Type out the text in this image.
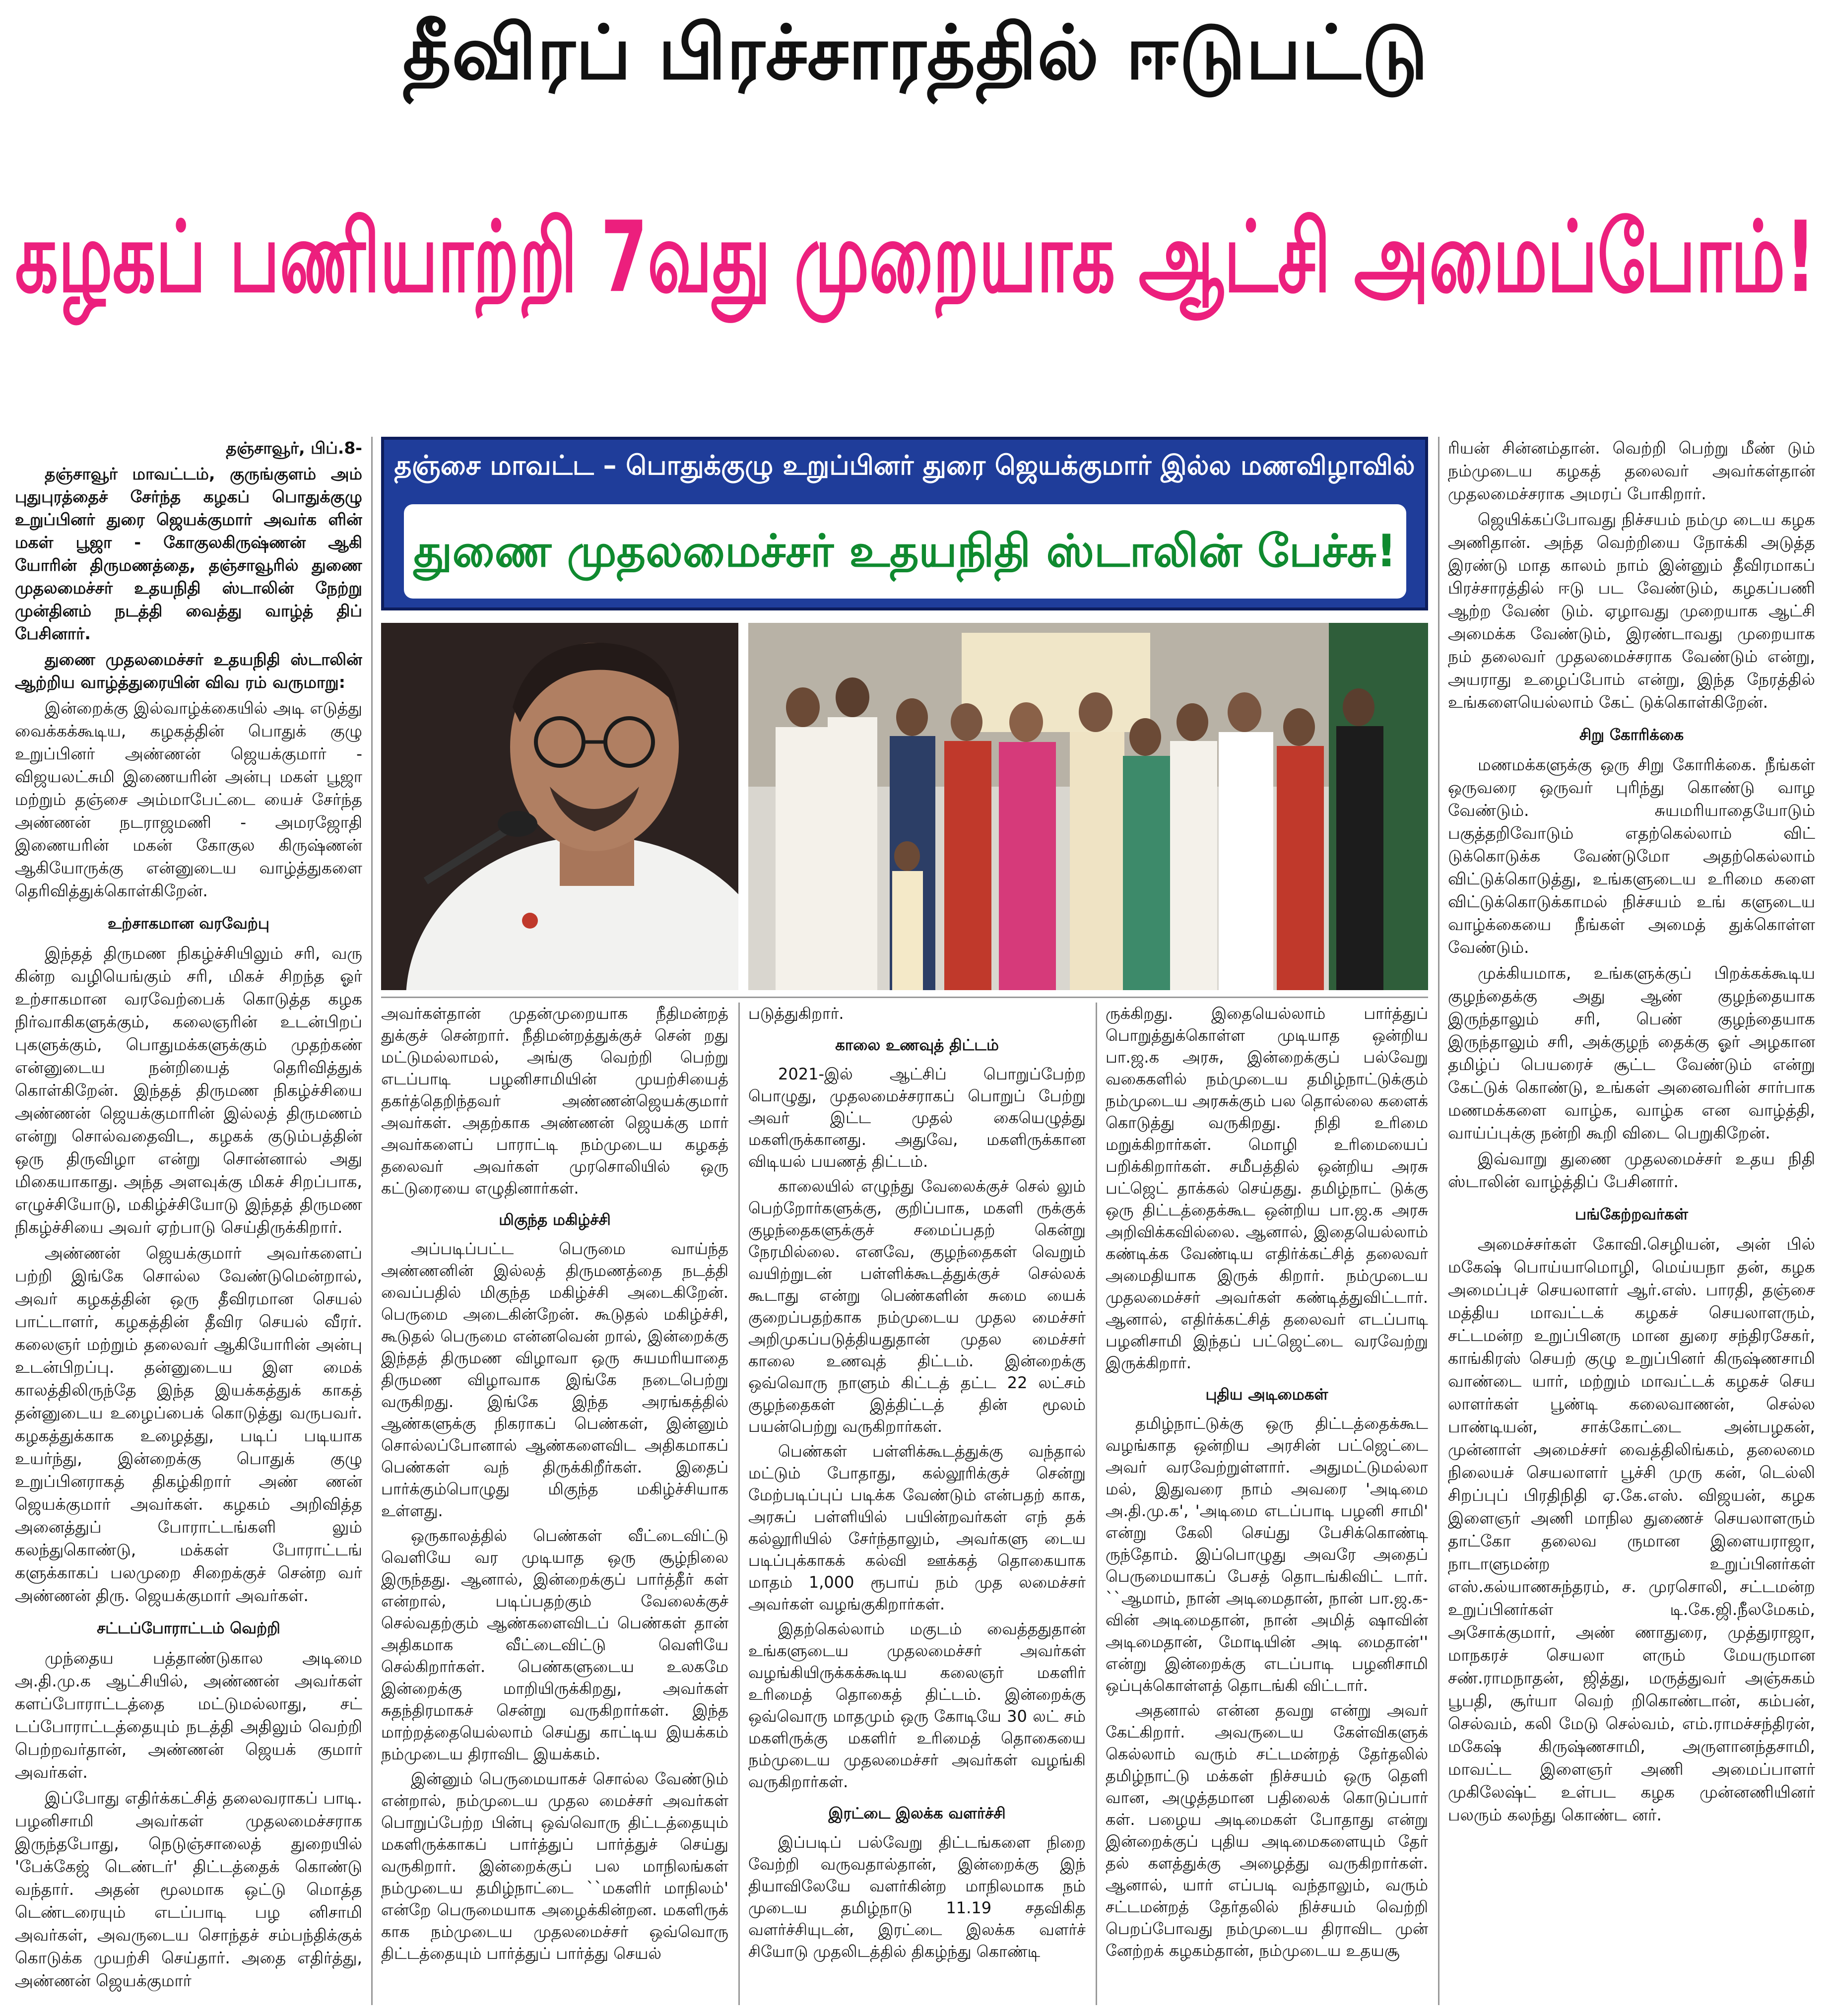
தீவிரப் பிரச்சாரத்தில் ஈடுபட்டு
கழகப் பணியாற்றி 7வது முறையாக ஆட்சி அமைப்போம்!

தஞ்சாவூர், பிப்.8-

தஞ்சாவூர் மாவட்டம், குருங்குளம் அம் புதுபுரத்தைச் சேர்ந்த கழகப் பொதுக்குழு உறுப்பினர் துரை ஜெயக்குமார் அவர்க ளின் மகள் பூஜா - கோகுலகிருஷ்ணன் ஆகி யோரின் திருமணத்தை, தஞ்சாவூரில் துணை முதலமைச்சர் உதயநிதி ஸ்டாலின் நேற்று முன்தினம் நடத்தி வைத்து வாழ்த் திப் பேசினார்.

துணை முதலமைச்சர் உதயநிதி ஸ்டாலின் ஆற்றிய வாழ்த்துரையின் விவ ரம் வருமாறு:

இன்றைக்கு இல்வாழ்க்கையில் அடி எடுத்து வைக்கக்கூடிய, கழகத்தின் பொதுக் குழு உறுப்பினர் அண்ணன் ஜெயக்குமார் - விஜயலட்சுமி இணையரின் அன்பு மகள் பூஜா மற்றும் தஞ்சை அம்மாபேட்டை யைச் சேர்ந்த அண்ணன் நடராஜமணி - அமரஜோதி இணையரின் மகன் கோகுல கிருஷ்ணன் ஆகியோருக்கு என்னுடைய வாழ்த்துகளை தெரிவித்துக்கொள்கிறேன்.

உற்சாகமான வரவேற்பு

இந்தத் திருமண நிகழ்ச்சியிலும் சரி, வரு கின்ற வழியெங்கும் சரி, மிகச் சிறந்த ஓர் உற்சாகமான வரவேற்பைக் கொடுத்த கழக நிர்வாகிகளுக்கும், கலைஞரின் உடன்பிறப் புகளுக்கும், பொதுமக்களுக்கும் முதற்கண் என்னுடைய நன்றியைத் தெரிவித்துக் கொள்கிறேன். இந்தத் திருமண நிகழ்ச்சியை அண்ணன் ஜெயக்குமாரின் இல்லத் திருமணம் என்று சொல்வதைவிட, கழகக் குடும்பத்தின் ஒரு திருவிழா என்று சொன்னால் அது மிகையாகாது. அந்த அளவுக்கு மிகச் சிறப்பாக, எழுச்சியோடு, மகிழ்ச்சியோடு இந்தத் திருமண நிகழ்ச்சியை அவர் ஏற்பாடு செய்திருக்கிறார்.

அண்ணன் ஜெயக்குமார் அவர்களைப் பற்றி இங்கே சொல்ல வேண்டுமென்றால், அவர் கழகத்தின் ஒரு தீவிரமான செயல் பாட்டாளர், கழகத்தின் தீவிர செயல் வீரர். கலைஞர் மற்றும் தலைவர் ஆகியோரின் அன்பு உடன்பிறப்பு. தன்னுடைய இள மைக் காலத்திலிருந்தே இந்த இயக்கத்துக் காகத் தன்னுடைய உழைப்பைக் கொடுத்து வருபவர். கழகத்துக்காக உழைத்து, படிப் படியாக உயர்ந்து, இன்றைக்கு பொதுக் குழு உறுப்பினராகத் திகழ்கிறார் அண் ணன் ஜெயக்குமார் அவர்கள். கழகம் அறிவித்த அனைத்துப் போராட்டங்களி லும் கலந்துகொண்டு, மக்கள் போராட்டங் களுக்காகப் பலமுறை சிறைக்குச் சென்ற வர் அண்ணன் திரு. ஜெயக்குமார் அவர்கள்.

சட்டப்போராட்டம் வெற்றி

முந்தைய பத்தாண்டுகால அடிமை அ.தி.மு.க ஆட்சியில், அண்ணன் அவர்கள் களப்போராட்டத்தை மட்டுமல்லாது, சட் டப்போராட்டத்தையும் நடத்தி அதிலும் வெற்றி பெற்றவர்தான், அண்ணன் ஜெயக் குமார் அவர்கள்.

இப்போது எதிர்க்கட்சித் தலைவராகப் பாடி. பழனிசாமி அவர்கள் முதலமைச்சராக இருந்தபோது, நெடுஞ்சாலைத் துறையில் 'பேக்கேஜ் டெண்டர்' திட்டத்தைக் கொண்டு வந்தார். அதன் மூலமாக ஒட்டு மொத்த டெண்டரையும் எடப்பாடி பழ னிசாமி அவர்கள், அவருடைய சொந்தச் சம்பந்திக்குக் கொடுக்க முயற்சி செய்தார். அதை எதிர்த்து, அண்ணன் ஜெயக்குமார்

தஞ்சை மாவட்ட – பொதுக்குழு உறுப்பினர் துரை ஜெயக்குமார் இல்ல மணவிழாவில்
துணை முதலமைச்சர் உதயநிதி ஸ்டாலின் பேச்சு!

அவர்கள்தான் முதன்முறையாக நீதிமன்றத் துக்குச் சென்றார். நீதிமன்றத்துக்குச் சென் றது மட்டுமல்லாமல், அங்கு வெற்றி பெற்று எடப்பாடி பழனிசாமியின் முயற்சியைத் தகர்த்தெறிந்தவர் அண்ணன்ஜெயக்குமார் அவர்கள். அதற்காக அண்ணன் ஜெயக்கு மார் அவர்களைப் பாராட்டி நம்முடைய கழகத் தலைவர் அவர்கள் முரசொலியில் ஒரு கட்டுரையை எழுதினார்கள்.

மிகுந்த மகிழ்ச்சி

அப்படிப்பட்ட பெருமை வாய்ந்த அண்ணனின் இல்லத் திருமணத்தை நடத்தி வைப்பதில் மிகுந்த மகிழ்ச்சி அடைகிறேன். பெருமை அடைகின்றேன். கூடுதல் மகிழ்ச்சி, கூடுதல் பெருமை என்னவென் றால், இன்றைக்கு இந்தத் திருமண விழாவா ஒரு சுயமரியாதை திருமண விழாவாக இங்கே நடைபெற்று வருகிறது. இங்கே இந்த அரங்கத்தில் ஆண்களுக்கு நிகராகப் பெண்கள், இன்னும் சொல்லப்போனால் ஆண்களைவிட அதிகமாகப் பெண்கள் வந் திருக்கிறீர்கள். இதைப் பார்க்கும்பொழுது மிகுந்த மகிழ்ச்சியாக உள்ளது.

ஒருகாலத்தில் பெண்கள் வீட்டைவிட்டு வெளியே வர முடியாத ஒரு சூழ்நிலை இருந்தது. ஆனால், இன்றைக்குப் பார்த்தீர் கள் என்றால், படிப்பதற்கும் வேலைக்குச் செல்வதற்கும் ஆண்களைவிடப் பெண்கள் தான் அதிகமாக வீட்டைவிட்டு வெளியே செல்கிறார்கள். பெண்களுடைய உலகமே இன்றைக்கு மாறியிருக்கிறது, அவர்கள் சுதந்திரமாகச் சென்று வருகிறார்கள். இந்த மாற்றத்தையெல்லாம் செய்து காட்டிய இயக்கம் நம்முடைய திராவிட இயக்கம்.

இன்னும் பெருமையாகச் சொல்ல வேண்டும் என்றால், நம்முடைய முதல மைச்சர் அவர்கள் பொறுப்பேற்ற பின்பு ஒவ்வொரு திட்டத்தையும் மகளிருக்காகப் பார்த்துப் பார்த்துச் செய்து வருகிறார். இன்றைக்குப் பல மாநிலங்கள் நம்முடைய தமிழ்நாட்டை ``மகளிர் மாநிலம்' என்றே பெருமையாக அழைக்கின்றன. மகளிருக் காக நம்முடைய முதலமைச்சர் ஒவ்வொரு திட்டத்தையும் பார்த்துப் பார்த்து செயல்

படுத்துகிறார்.

காலை உணவுத் திட்டம்

2021-இல் ஆட்சிப் பொறுப்பேற்ற பொழுது, முதலமைச்சராகப் பொறுப் பேற்று அவர் இட்ட முதல் கையெழுத்து மகளிருக்கானது. அதுவே, மகளிருக்கான விடியல் பயணத் திட்டம்.

காலையில் எழுந்து வேலைக்குச் செல் லும் பெற்றோர்களுக்கு, குறிப்பாக, மகளி ருக்குக் குழந்தைகளுக்குச் சமைப்பதற் கென்று நேரமில்லை. எனவே, குழந்தைகள் வெறும் வயிற்றுடன் பள்ளிக்கூடத்துக்குச் செல்லக் கூடாது என்று பெண்களின் சுமை யைக் குறைப்பதற்காக நம்முடைய முதல மைச்சர் அறிமுகப்படுத்தியதுதான் முதல மைச்சர் காலை உணவுத் திட்டம். இன்றைக்கு ஒவ்வொரு நாளும் கிட்டத் தட்ட 22 லட்சம் குழந்தைகள் இத்திட்டத் தின் மூலம் பயன்பெற்று வருகிறார்கள்.

பெண்கள் பள்ளிக்கூடத்துக்கு வந்தால் மட்டும் போதாது, கல்லூரிக்குச் சென்று மேற்படிப்புப் படிக்க வேண்டும் என்பதற் காக, அரசுப் பள்ளியில் பயின்றவர்கள் எந் தக் கல்லூரியில் சேர்ந்தாலும், அவர்களு டைய படிப்புக்காகக் கல்வி ஊக்கத் தொகையாக மாதம் 1,000 ரூபாய் நம் முத லமைச்சர் அவர்கள் வழங்குகிறார்கள்.

இதற்கெல்லாம் மகுடம் வைத்ததுதான் உங்களுடைய முதலமைச்சர் அவர்கள் வழங்கியிருக்கக்கூடிய கலைஞர் மகளிர் உரிமைத் தொகைத் திட்டம். இன்றைக்கு ஒவ்வொரு மாதமும் ஒரு கோடியே 30 லட் சம் மகளிருக்கு மகளிர் உரிமைத் தொகையை நம்முடைய முதலமைச்சர் அவர்கள் வழங்கி வருகிறார்கள்.

இரட்டை இலக்க வளர்ச்சி

இப்படிப் பல்வேறு திட்டங்களை நிறை வேற்றி வருவதால்தான், இன்றைக்கு இந் தியாவிலேயே வளர்கின்ற மாநிலமாக நம் முடைய தமிழ்நாடு 11.19 சதவிகித வளர்ச்சியுடன், இரட்டை இலக்க வளர்ச் சியோடு முதலிடத்தில் திகழ்ந்து கொண்டி

ருக்கிறது. இதையெல்லாம் பார்த்துப் பொறுத்துக்கொள்ள முடியாத ஒன்றிய பா.ஜ.க அரசு, இன்றைக்குப் பல்வேறு வகைகளில் நம்முடைய தமிழ்நாட்டுக்கும் நம்முடைய அரசுக்கும் பல தொல்லை களைக் கொடுத்து வருகிறது. நிதி உரிமை மறுக்கிறார்கள். மொழி உரிமையைப் பறிக்கிறார்கள். சமீபத்தில் ஒன்றிய அரசு பட்ஜெட் தாக்கல் செய்தது. தமிழ்நாட் டுக்கு ஒரு திட்டத்தைக்கூட ஒன்றிய பா.ஜ.க அரசு அறிவிக்கவில்லை. ஆனால், இதையெல்லாம் கண்டிக்க வேண்டிய எதிர்க்கட்சித் தலைவர் அமைதியாக இருக் கிறார். நம்முடைய முதலமைச்சர் அவர்கள் கண்டித்துவிட்டார். ஆனால், எதிர்க்கட்சித் தலைவர் எடப்பாடி பழனிசாமி இந்தப் பட்ஜெட்டை வரவேற்று இருக்கிறார்.

புதிய அடிமைகள்

தமிழ்நாட்டுக்கு ஒரு திட்டத்தைக்கூட வழங்காத ஒன்றிய அரசின் பட்ஜெட்டை அவர் வரவேற்றுள்ளார். அதுமட்டுமல்லா மல், இதுவரை நாம் அவரை 'அடிமை அ.தி.மு.க', 'அடிமை எடப்பாடி பழனி சாமி' என்று கேலி செய்து பேசிக்கொண்டி ருந்தோம். இப்பொழுது அவரே அதைப் பெருமையாகப் பேசத் தொடங்கிவிட் டார். ``ஆமாம், நான் அடிமைதான், நான் பா.ஜ.க-வின் அடிமைதான், நான் அமித் ஷாவின் அடிமைதான், மோடியின் அடி மைதான்'' என்று இன்றைக்கு எடப்பாடி பழனிசாமி ஒப்புக்கொள்ளத் தொடங்கி விட்டார்.

அதனால் என்ன தவறு என்று அவர் கேட்கிறார். அவருடைய கேள்விகளுக் கெல்லாம் வரும் சட்டமன்றத் தேர்தலில் தமிழ்நாட்டு மக்கள் நிச்சயம் ஒரு தெளி வான, அழுத்தமான பதிலைக் கொடுப்பார் கள். பழைய அடிமைகள் போதாது என்று இன்றைக்குப் புதிய அடிமைகளையும் தேர் தல் களத்துக்கு அழைத்து வருகிறார்கள். ஆனால், யார் எப்படி வந்தாலும், வரும் சட்டமன்றத் தேர்தலில் நிச்சயம் வெற்றி பெறப்போவது நம்முடைய திராவிட முன் னேற்றக் கழகம்தான், நம்முடைய உதயசூ

ரியன் சின்னம்தான். வெற்றி பெற்று மீண் டும் நம்முடைய கழகத் தலைவர் அவர்கள்தான் முதலமைச்சராக அமரப் போகிறார்.

ஜெயிக்கப்போவது நிச்சயம் நம்மு டைய கழக அணிதான். அந்த வெற்றியை நோக்கி அடுத்த இரண்டு மாத காலம் நாம் இன்னும் தீவிரமாகப் பிரச்சாரத்தில் ஈடு பட வேண்டும், கழகப்பணி ஆற்ற வேண் டும். ஏழாவது முறையாக ஆட்சி அமைக்க வேண்டும், இரண்டாவது முறையாக நம் தலைவர் முதலமைச்சராக வேண்டும் என்று, அயராது உழைப்போம் என்று, இந்த நேரத்தில் உங்களையெல்லாம் கேட் டுக்கொள்கிறேன்.

சிறு கோரிக்கை

மணமக்களுக்கு ஒரு சிறு கோரிக்கை. நீங்கள் ஒருவரை ஒருவர் புரிந்து கொண்டு வாழ வேண்டும். சுயமரியாதையோடும் பகுத்தறிவோடும் எதற்கெல்லாம் விட் டுக்கொடுக்க வேண்டுமோ அதற்கெல்லாம் விட்டுக்கொடுத்து, உங்களுடைய உரிமை களை விட்டுக்கொடுக்காமல் நிச்சயம் உங் களுடைய வாழ்க்கையை நீங்கள் அமைத் துக்கொள்ள வேண்டும்.

முக்கியமாக, உங்களுக்குப் பிறக்கக்கூடிய குழந்தைக்கு அது ஆண் குழந்தையாக இருந்தாலும் சரி, பெண் குழந்தையாக இருந்தாலும் சரி, அக்குழந் தைக்கு ஓர் அழகான தமிழ்ப் பெயரைச் சூட்ட வேண்டும் என்று கேட்டுக் கொண்டு, உங்கள் அனைவரின் சார்பாக மணமக்களை வாழ்க, வாழ்க என வாழ்த்தி, வாய்ப்புக்கு நன்றி கூறி விடை பெறுகிறேன்.

இவ்வாறு துணை முதலமைச்சர் உதய நிதி ஸ்டாலின் வாழ்த்திப் பேசினார்.

பங்கேற்றவர்கள்

அமைச்சர்கள் கோவி.செழியன், அன் பில் மகேஷ் பொய்யாமொழி, மெய்யநா தன், கழக அமைப்புச் செயலாளர் ஆர்.எஸ். பாரதி, தஞ்சை மத்திய மாவட்டக் கழகச் செயலாளரும், சட்டமன்ற உறுப்பினரு மான துரை சந்திரசேகர், காங்கிரஸ் செயற் குழு உறுப்பினர் கிருஷ்ணசாமி வாண்டை யார், மற்றும் மாவட்டக் கழகச் செய லாளர்கள் பூண்டி கலைவாணன், செல்ல பாண்டியன், சாக்கோட்டை அன்பழகன், முன்னாள் அமைச்சர் வைத்திலிங்கம், தலைமை நிலையச் செயலாளர் பூச்சி முரு கன், டெல்லி சிறப்புப் பிரதிநிதி ஏ.கே.எஸ். விஜயன், கழக இளைஞர் அணி மாநில துணைச் செயலாளரும் தாட்கோ தலைவ ருமான இளையராஜா, நாடாளுமன்ற உறுப்பினர்கள் எஸ்.கல்யாணசுந்தரம், ச. முரசொலி, சட்டமன்ற உறுப்பினர்கள் டி.கே.ஜி.நீலமேகம், அசோக்குமார், அண் ணாதுரை, முத்துராஜா, மாநகரச் செயலா ளரும் மேயருமான சண்.ராமநாதன், ஜித்து, மருத்துவர் அஞ்சுகம் பூபதி, சூர்யா வெற் றிகொண்டான், கம்பன், செல்வம், கலி மேடு செல்வம், எம்.ராமச்சந்திரன், மகேஷ் கிருஷ்ணசாமி, அருளானந்தசாமி, மாவட்ட இளைஞர் அணி அமைப்பாளர் முகிலேஷ்ட் உள்பட கழக முன்னணியினர் பலரும் கலந்து கொண்ட னர்.
